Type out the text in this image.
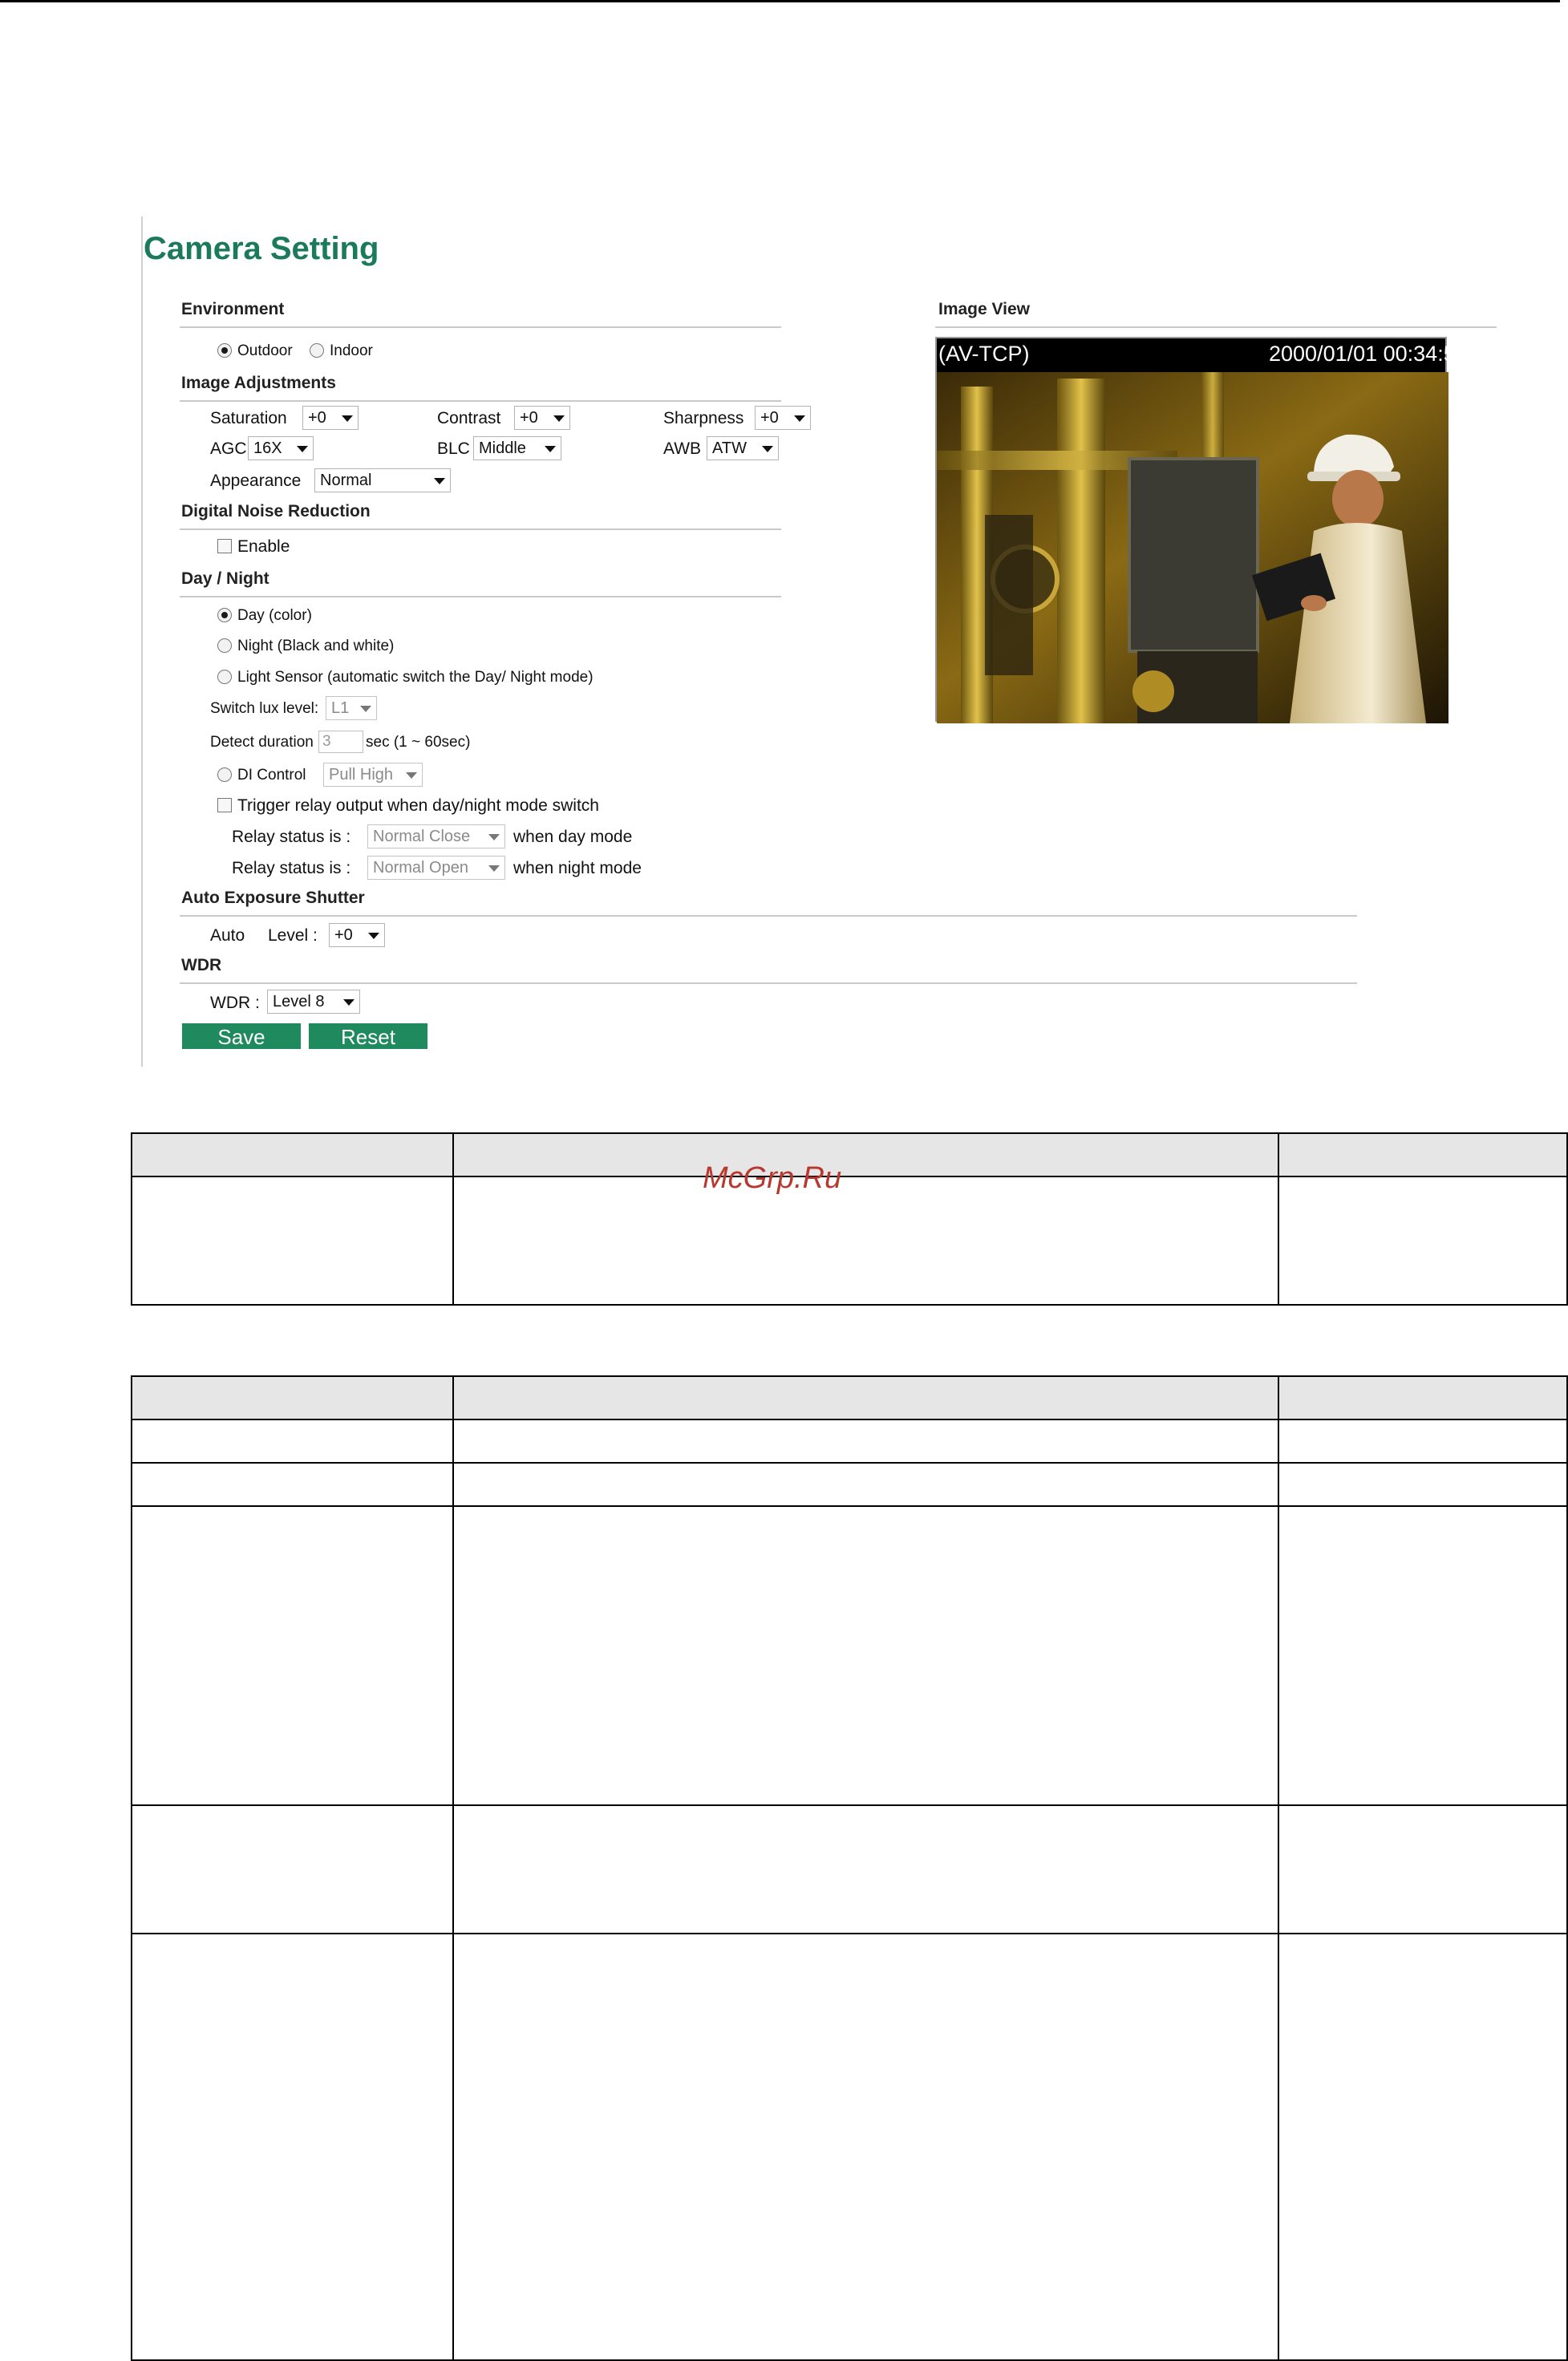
Camera Setting
Environment
Outdoor Indoor
Image Adjustments
Saturation	+0	Contrast	+0	Sharpness	+0
AGC 16X	BLC Middle	AWB ATW
Appearance	Normal
Digital Noise Reduction
Enable
Day / Night
Day (color)
Night (Black and white)
Light Sensor (automatic switch the Day/ Night mode)
Switch lux level: L1
Detect duration 3	sec (1 ~ 60sec)
DI Control	Pull High
Trigger relay output when day/night mode switch
Relay status is :	Normal Close	when day mode
Relay status is :	Normal Open	when night mode
Auto Exposure Shutter
Auto Level :	+0
WDR
WDR : Level 8
Save	Reset
Image View
(AV-TCP)	2000/01/01 00:34:56

McGrp.Ru
